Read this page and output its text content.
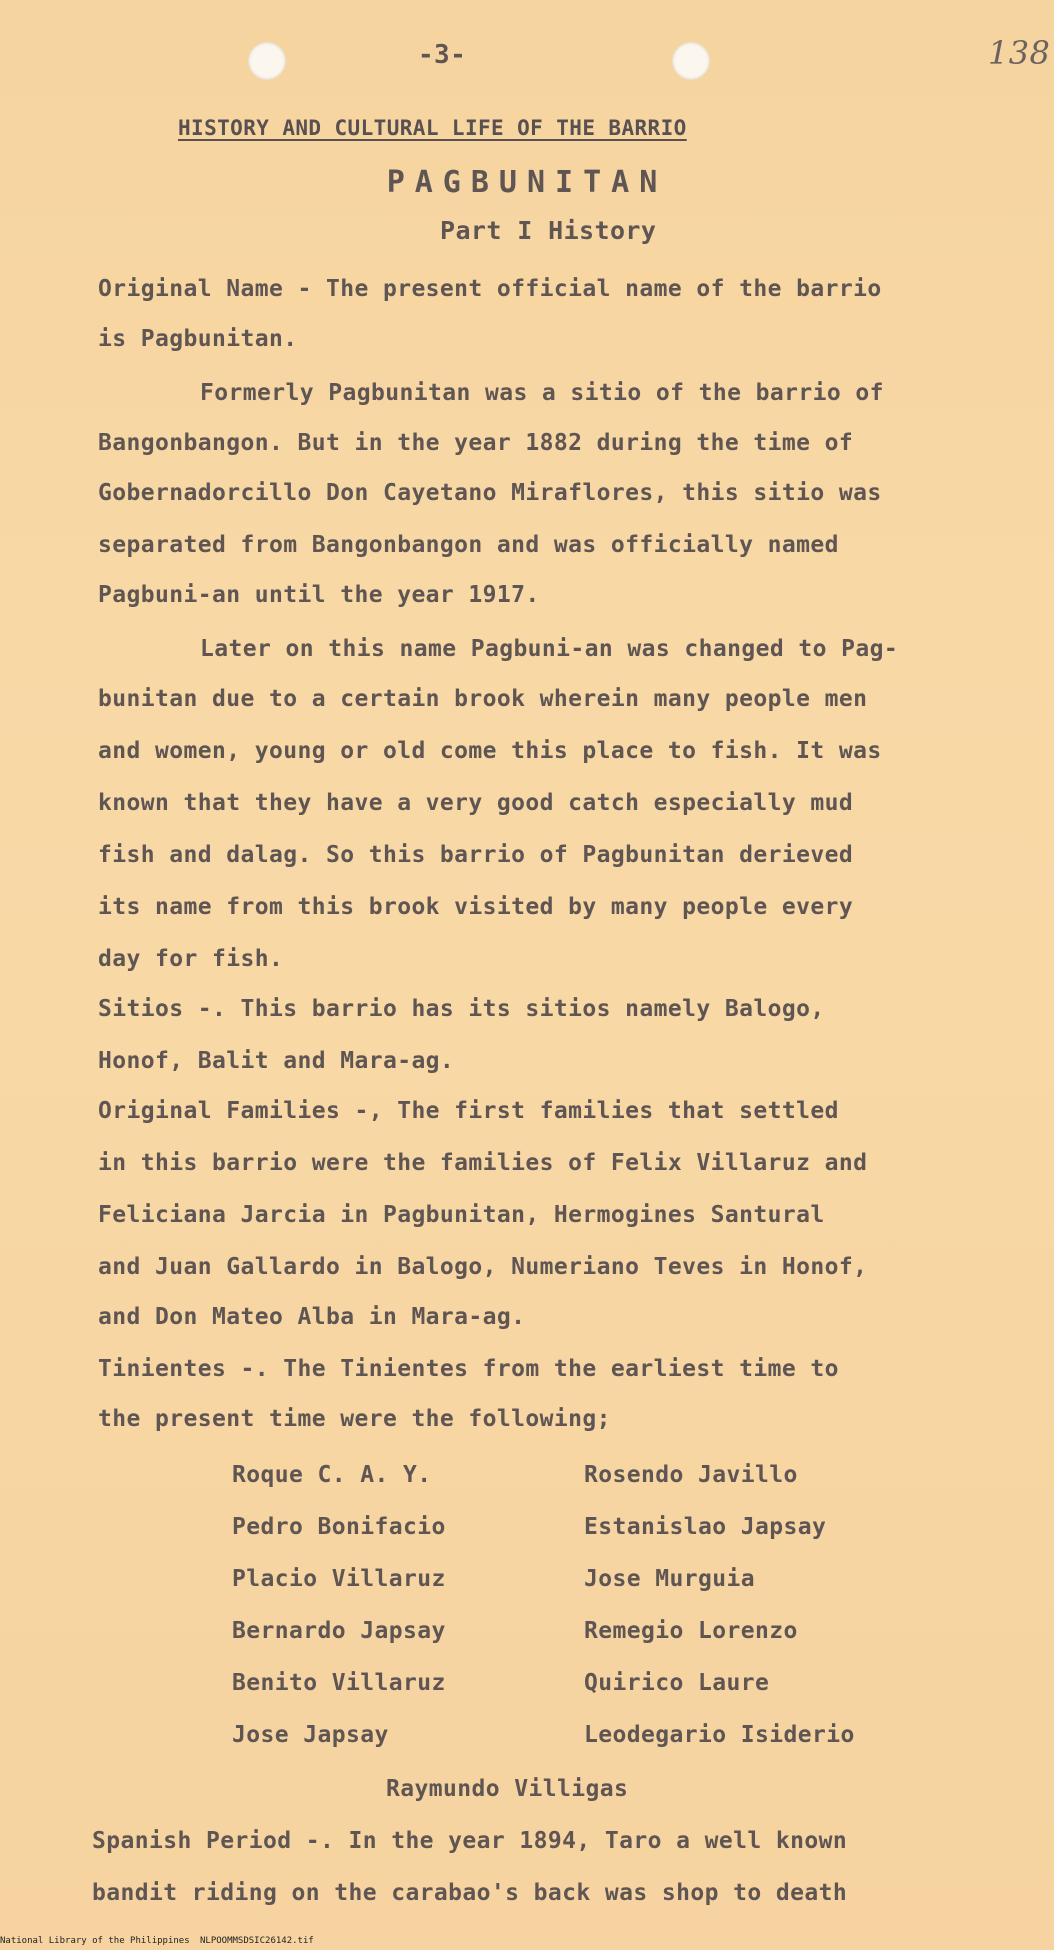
-3-	138
HISTORY AND CULTURAL LIFE OF THE BARRIO
PAGBUNITAN
Part I History
Original Name - The present official name of the barrio
is Pagbunitan.
Formerly Pagbunitan was a sitio of the barrio of
Bangonbangon. But in the year 1882 during the time of
Gobernadorcillo Don Cayetano Miraflores, this sitio was
separated from Bangonbangon and was officially named
Pagbuni-an until the year 1917.
Later on this name Pagbuni-an was changed to Pag-
bunitan due to a certain brook wherein many people men
and women, young or old come this place to fish. It was
known that they have a very good catch especially mud
fish and dalag. So this barrio of Pagbunitan derieved
its name from this brook visited by many people every
day for fish.
Sitios -. This barrio has its sitios namely Balogo,
Honof, Balit and Mara-ag.
Original Families -, The first families that settled
in this barrio were the families of Felix Villaruz and
Feliciana Jarcia in Pagbunitan, Hermogines Santural
and Juan Gallardo in Balogo, Numeriano Teves in Honof,
and Don Mateo Alba in Mara-ag.
Tinientes -. The Tinientes from the earliest time to
the present time were the following;
Roque C. A. Y.
Pedro Bonifacio
Placio Villaruz
Bernardo Japsay
Benito Villaruz
Jose Japsay
Rosendo Javillo
Estanislao Japsay
Jose Murguia
Remegio Lorenzo
Quirico Laure
Leodegario Isiderio
Raymundo Villigas
Spanish Period -. In the year 1894, Taro a well known
bandit riding on the carabao's back was shop to death
National Library of the Philippines NLPOOMMSDSIC26142.tif
